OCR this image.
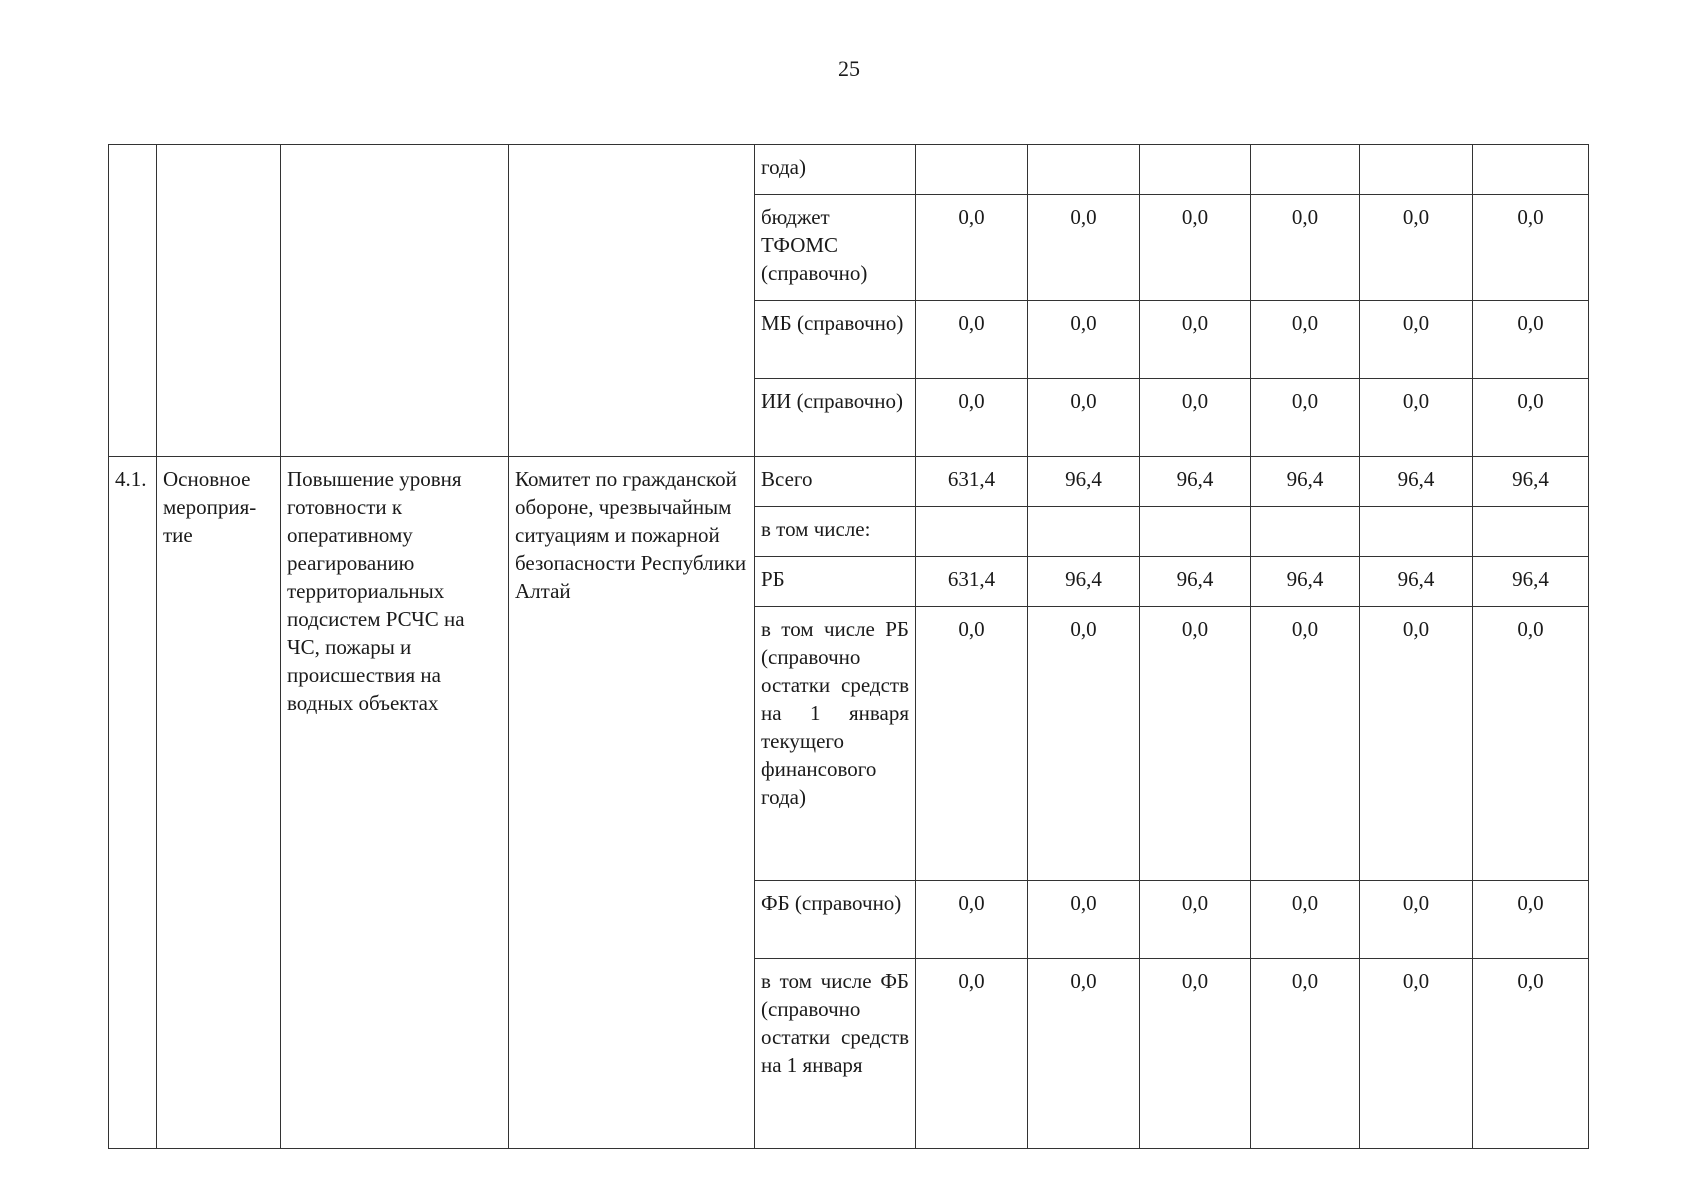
25
				года)						
				бюджет ТФОМС (справочно)	0,0	0,0	0,0	0,0	0,0	0,0
				МБ (справочно)	0,0	0,0	0,0	0,0	0,0	0,0
				ИИ (справочно)	0,0	0,0	0,0	0,0	0,0	0,0
4.1.	Основное мероприя-тие	Повышение уровня готовности к оперативному реагированию территориальных подсистем РСЧС на ЧС, пожары и происшествия на водных объектах	Комитет по гражданской обороне, чрезвычайным ситуациям и пожарной безопасности Республики Алтай	Всего	631,4	96,4	96,4	96,4	96,4	96,4
				в том числе:						
				РБ	631,4	96,4	96,4	96,4	96,4	96,4
				в том числе РБ (справочно остатки средств на 1 января текущего финансового года)	0,0	0,0	0,0	0,0	0,0	0,0
				ФБ (справочно)	0,0	0,0	0,0	0,0	0,0	0,0
				в том числе ФБ (справочно остатки средств на 1 января	0,0	0,0	0,0	0,0	0,0	0,0
